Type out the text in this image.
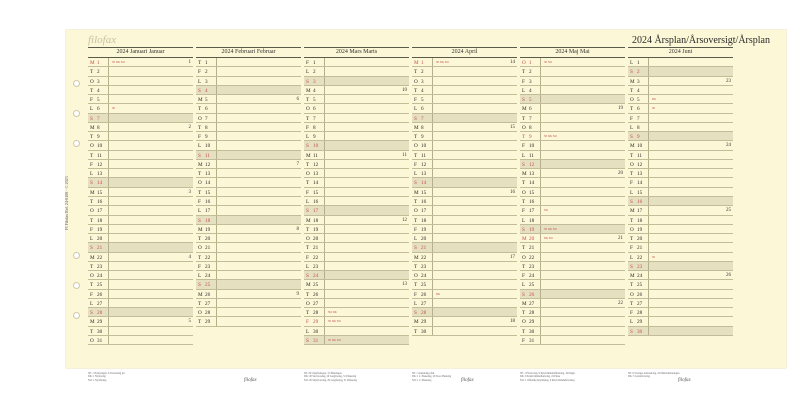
filofax	2024 Årsplan/Årsoversigt/Årsplan
FI Filofax Ref. 24-6106 · © 2023
2024 Januari Januar
M 1	SE DK NO	1
T 2
O 3
T 4
F 5
L 6	SE
S 7
M 8	2
T 9
O 10
T 11
F 12
L 13
S 14
M 15	3
T 16
O 17
T 18
F 19
L 20
S 21
M 22	4
T 23
O 24
T 25
F 26
L 27
S 28
M 29	5
T 30
O 31
2024 Februari Februar
T 1
F 2
L 3
S 4
M 5	6
T 6
O 7
T 8
F 9
L 10
S 11
M 12	7
T 13
O 14
T 15
F 16
L 17
S 18
M 19	8
T 20
O 21
T 22
F 23
L 24
S 25
M 26	9
T 27
O 28
T 29
2024 Mars Marts
F 1
L 2
S 3
M 4	10
T 5
O 6
T 7
F 8
L 9
S 10
M 11	11
T 12
O 13
T 14
F 15
L 16
S 17
M 18	12
T 19
O 20
T 21
F 22
L 23
S 24
M 25	13
T 26
O 27
T 28	NO DK
F 29	SE DK NO
L 30
S 31	SE DK NO
2024 April
M 1	SE DK NO	14
T 2
O 3
T 4
F 5
L 6
S 7
M 8	15
T 9
O 10
T 11
F 12
L 13
S 14
M 15	16
T 16
O 17
T 18
F 19
L 20
S 21
M 22	17
T 23
O 24
T 25
F 26	DK
L 27
S 28
M 29	18
T 30
2024 Maj Mai
O 1	SE NO
T 2
F 3
L 4
S 5
M 6	19
T 7
O 8
T 9	SE DK NO
F 10
L 11
S 12
M 13	20
T 14
O 15
T 16
F 17	NO
L 18
S 19	SE DK NO
M 20	DK NO	21
T 21
O 22
T 23
F 24
L 25
S 26
M 27	22
T 28
O 29
T 30
F 31
2024 Juni
L 1
S 2
M 3	23
T 4
O 5	DK
T 6	SE
F 7
L 8
S 9
M 10	24
T 11
O 12
T 13
F 14
L 15
S 16
M 17	25
T 18
O 19
T 20
F 21
L 22	SE
S 23
M 24	26
T 25
O 26
T 27
F 28
L 29
S 30
filofax	filofax	filofax
SE: 1 Nyårsdagen, 6 Trettondag jul
DK: 1 Nytårsdag
NO: 1 Nyttårsdag
SE: 29 Långfredagen, 31 Påskdagen
DK: 28 Skærtorsdag, 29 Langfredag, 31 Påskedag
NO: 28 Skjærtorsdag, 29 Langfredag, 31 Påskedag
SE: 1 Annandag påsk
DK: 1 2. Påskedag, 26 Store Bededag
NO: 1 2. Påskedag
SE: 1 Första maj, 9 Kristi himmelfärdsdag, 19 Pingst
DK: 9 Kristi himmelfartsdag, 19 Pinse
NO: 1 Offentlig høytidsdag, 9 Kristi himmelfartsdag
SE: 6 Sveriges nationaldag, 22 Midsommardagen
DK: 5 Grundlovsdag
